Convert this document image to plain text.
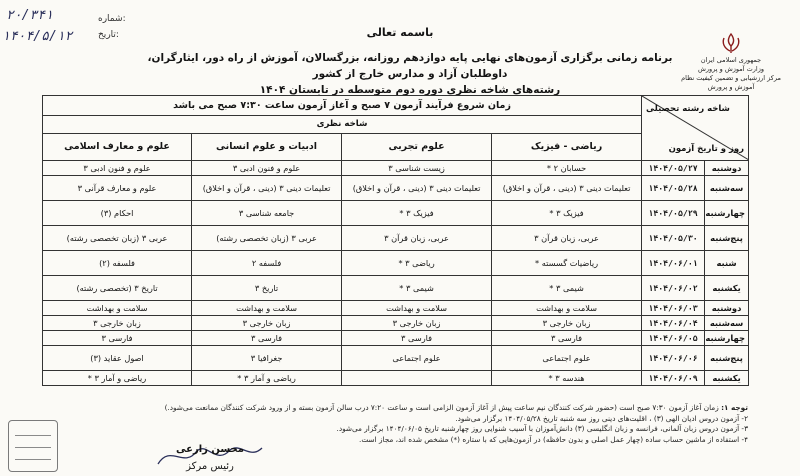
شماره:
۲۰/۳۴۱
تاریخ:
۱۴۰۴/۵/۱۲	باسمه تعالی
جمهوری اسلامی ایران
وزارت آموزش و پرورش
مرکز ارزشیابی و تضمین کیفیت نظام
آموزش و پرورش
برنامه زمانی برگزاری آزمون‌های نهایی پایه دوازدهم روزانه، بزرگسالان، آموزش از راه دور، ایثارگران، داوطلبان آزاد و مدارس خارج از کشور
رشته‌های شاخه نظری دوره دوم متوسطه در تابستان ۱۴۰۴
شاخه رشته تحصیلی
روز و تاریخ آزمون		زمان شروع فرآیند آزمون ۷ صبح و آغاز آزمون ساعت ۷:۳۰ صبح می باشد			
		شاخه نظری			
		ریاضی - فیزیک	علوم تجربی	ادبیات و علوم انسانی	علوم و معارف اسلامی
دوشنبه	۱۴۰۴/۰۵/۲۷	حسابان ۲ *	زیست شناسی ۳	علوم و فنون ادبی ۳	علوم و فنون ادبی ۳
سه‌شنبه	۱۴۰۴/۰۵/۲۸	تعلیمات دینی ۳ (دینی ، قرآن و اخلاق)	تعلیمات دینی ۳ (دینی ، قرآن و اخلاق)	تعلیمات دینی ۳ (دینی ، قرآن و اخلاق)	علوم و معارف قرآنی ۳
چهارشنبه	۱۴۰۴/۰۵/۲۹	فیزیک ۳ *	فیزیک ۳ *	جامعه شناسی ۳	احکام (۳)
پنج‌شنبه	۱۴۰۴/۰۵/۳۰	عربی، زبان قرآن ۳	عربی، زبان قرآن ۳	عربی ۳ (زبان تخصصی رشته)	عربی ۳ (زبان تخصصی رشته)
شنبه	۱۴۰۴/۰۶/۰۱	ریاضیات گسسته *	ریاضی ۳ *	فلسفه ۲	فلسفه (۲)
یکشنبه	۱۴۰۴/۰۶/۰۲	شیمی ۳ *	شیمی ۳ *	تاریخ ۳	تاریخ ۳ (تخصصی رشته)
دوشنبه	۱۴۰۴/۰۶/۰۳	سلامت و بهداشت	سلامت و بهداشت	سلامت و بهداشت	سلامت و بهداشت
سه‌شنبه	۱۴۰۴/۰۶/۰۴	زبان خارجی ۳	زبان خارجی ۳	زبان خارجی ۳	زبان خارجی ۳
چهارشنبه	۱۴۰۴/۰۶/۰۵	فارسی ۳	فارسی ۳	فارسی ۳	فارسی ۳
پنج‌شنبه	۱۴۰۴/۰۶/۰۶	علوم اجتماعی	علوم اجتماعی	جغرافیا ۳	اصول عقاید (۳)
یکشنبه	۱۴۰۴/۰۶/۰۹	هندسه ۳ *		ریاضی و آمار ۳ *	ریاضی و آمار ۳ *
توجه ۱: زمان آغاز آزمون ۷:۳۰ صبح است (حضور شرکت کنندگان نیم ساعت پیش از آغاز آزمون الزامی است و ساعت ۷:۲۰ درب سالن آزمون بسته و از ورود شرکت کنندگان ممانعت می‌شود.)
۲- آزمون دروس ادیان الهی (۳) ، اقلیت‌های دینی روز سه شنبه تاریخ ۱۴۰۴/۰۵/۲۸ برگزار می‌شود.
۳- آزمون دروس زبان آلمانی، فرانسه و زبان انگلیسی (۳) دانش‌آموزان با آسیب شنوایی روز چهارشنبه تاریخ ۱۴۰۴/۰۶/۰۵ برگزار می‌شود.
۴- استفاده از ماشین حساب ساده (چهار عمل اصلی و بدون حافظه) در آزمون‌هایی که با ستاره (*) مشخص شده اند، مجاز است.
محسن زارعی
رئیس مرکز
